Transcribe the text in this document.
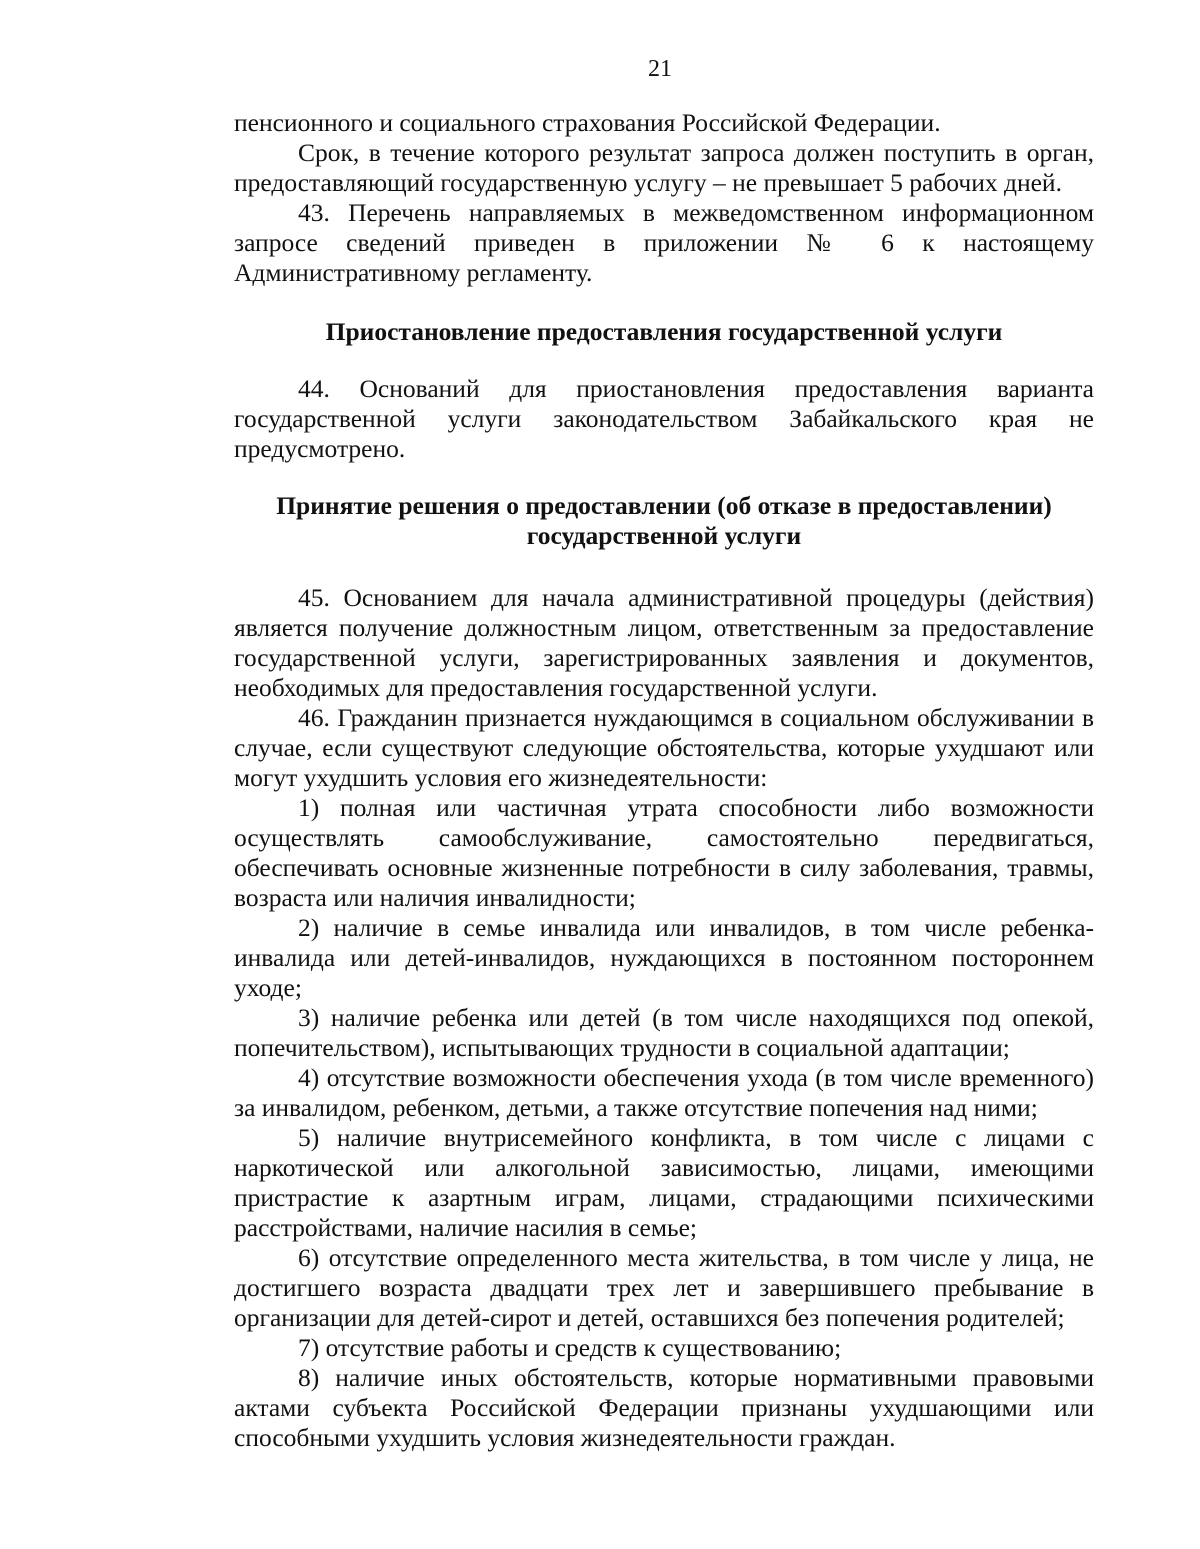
21

пенсионного и социального страхования Российской Федерации.

Срок, в течение которого результат запроса должен поступить в орган, предоставляющий государственную услугу – не превышает 5 рабочих дней.

43. Перечень направляемых в межведомственном информационном запросе сведений приведен в приложении № 6 к настоящему Административному регламенту.

Приостановление предоставления государственной услуги

44. Оснований для приостановления предоставления варианта государственной услуги законодательством Забайкальского края не предусмотрено.

Принятие решения о предоставлении (об отказе в предоставлении) государственной услуги

45. Основанием для начала административной процедуры (действия) является получение должностным лицом, ответственным за предоставление государственной услуги, зарегистрированных заявления и документов, необходимых для предоставления государственной услуги.

46. Гражданин признается нуждающимся в социальном обслуживании в случае, если существуют следующие обстоятельства, которые ухудшают или могут ухудшить условия его жизнедеятельности:

1) полная или частичная утрата способности либо возможности осуществлять самообслуживание, самостоятельно передвигаться, обеспечивать основные жизненные потребности в силу заболевания, травмы, возраста или наличия инвалидности;

2) наличие в семье инвалида или инвалидов, в том числе ребенка-инвалида или детей-инвалидов, нуждающихся в постоянном постороннем уходе;

3) наличие ребенка или детей (в том числе находящихся под опекой, попечительством), испытывающих трудности в социальной адаптации;

4) отсутствие возможности обеспечения ухода (в том числе временного) за инвалидом, ребенком, детьми, а также отсутствие попечения над ними;

5) наличие внутрисемейного конфликта, в том числе с лицами с наркотической или алкогольной зависимостью, лицами, имеющими пристрастие к азартным играм, лицами, страдающими психическими расстройствами, наличие насилия в семье;

6) отсутствие определенного места жительства, в том числе у лица, не достигшего возраста двадцати трех лет и завершившего пребывание в организации для детей-сирот и детей, оставшихся без попечения родителей;

7) отсутствие работы и средств к существованию;

8) наличие иных обстоятельств, которые нормативными правовыми актами субъекта Российской Федерации признаны ухудшающими или способными ухудшить условия жизнедеятельности граждан.
